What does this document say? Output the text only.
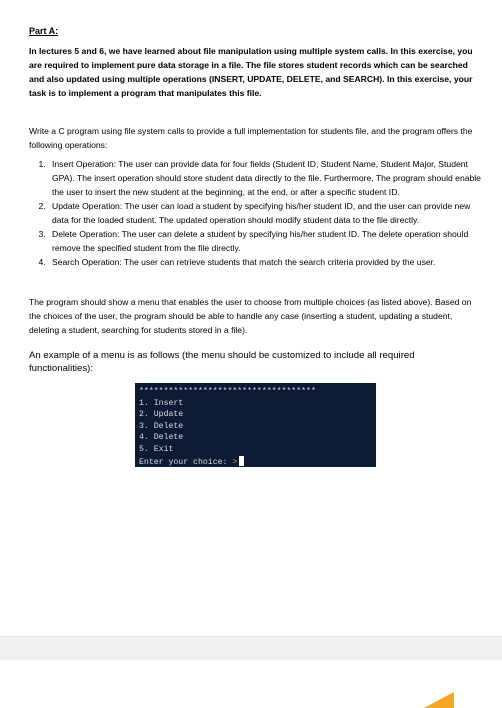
Part A:

In lectures 5 and 6, we have learned about file manipulation using multiple system calls. In this exercise, you are required to implement pure data storage in a file. The file stores student records which can be searched and also updated using multiple operations (INSERT, UPDATE, DELETE, and SEARCH). In this exercise, your task is to implement a program that manipulates this file.

Write a C program using file system calls to provide a full implementation for students file, and the program offers the following operations:

1. Insert Operation: The user can provide data for four fields (Student ID, Student Name, Student Major, Student GPA). The insert operation should store student data directly to the file. Furthermore, The program should enable the user to insert the new student at the beginning, at the end, or after a specific student ID.
2. Update Operation: The user can load a student by specifying his/her student ID, and the user can provide new data for the loaded student. The updated operation should modify student data to the file directly.
3. Delete Operation: The user can delete a student by specifying his/her student ID. The delete operation should remove the specified student from the file directly.
4. Search Operation: The user can retrieve students that match the search criteria provided by the user.

The program should show a menu that enables the user to choose from multiple choices (as listed above). Based on the choices of the user, the program should be able to handle any case (inserting a student, updating a student, deleting a student, searching for students stored in a file).

An example of a menu is as follows (the menu should be customized to include all required functionalities):

************************************
1. Insert
2. Update
3. Delete
4. Delete
5. Exit
Enter your choice: >
